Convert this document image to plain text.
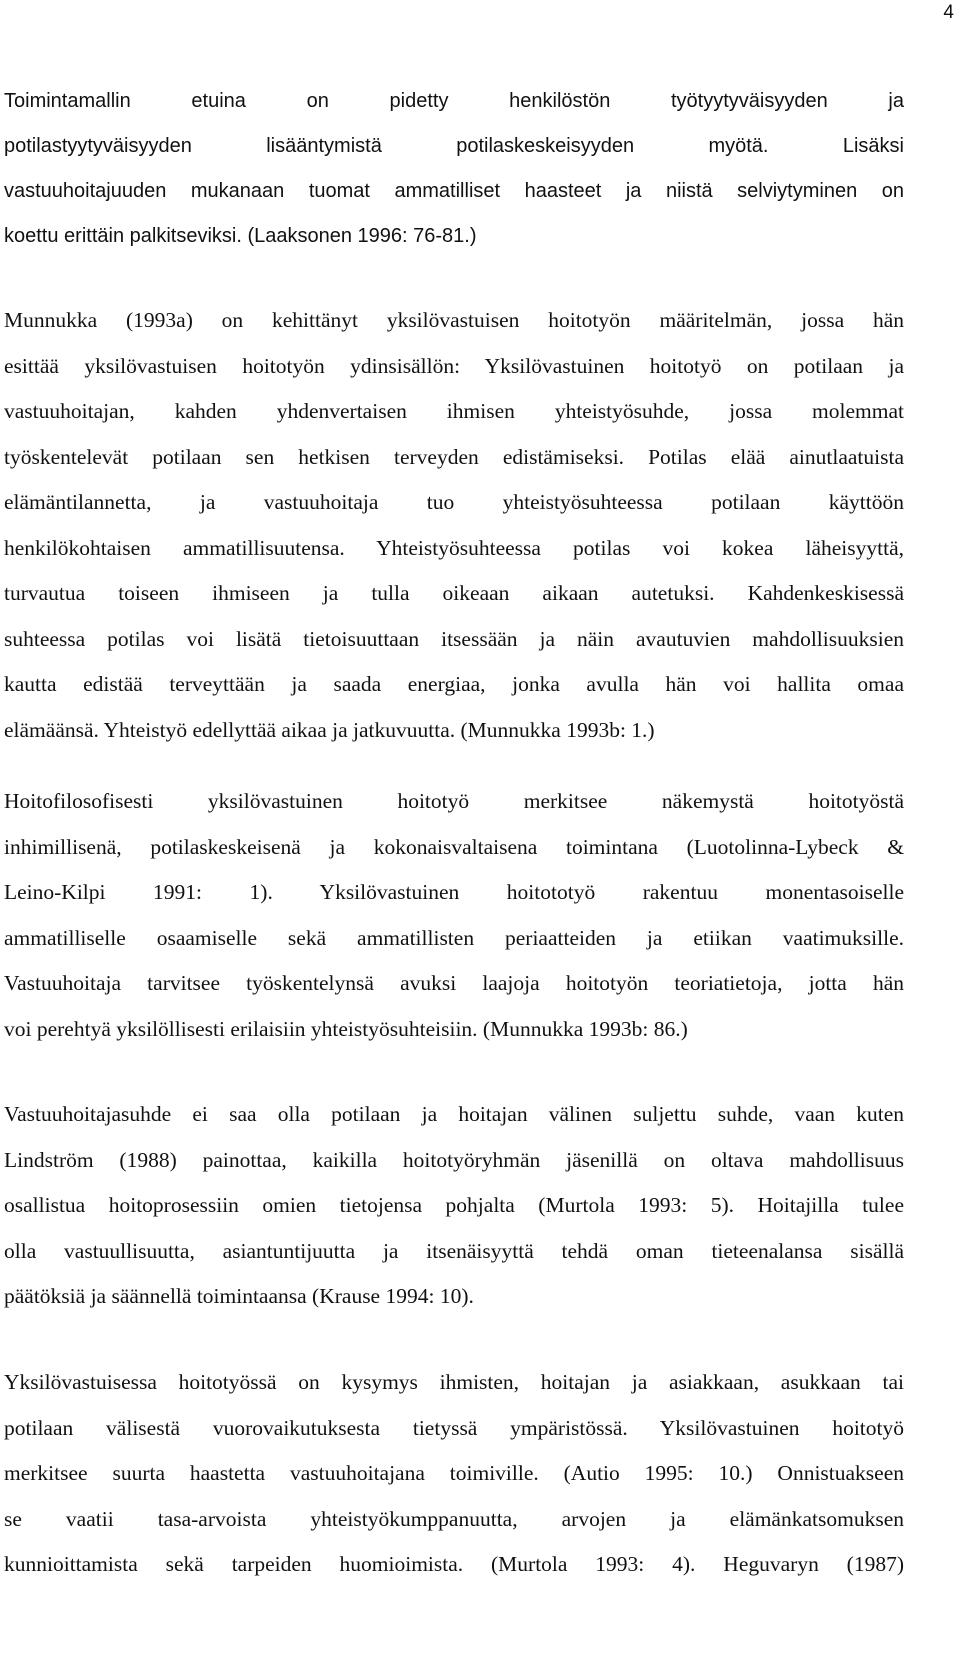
4
Toimintamallin etuina on pidetty henkilöstön työtyytyväisyyden ja
potilastyytyväisyyden lisääntymistä potilaskeskeisyyden myötä. Lisäksi
vastuuhoitajuuden mukanaan tuomat ammatilliset haasteet ja niistä selviytyminen on
koettu erittäin palkitseviksi. (Laaksonen 1996: 76-81.)
Munnukka (1993a) on kehittänyt yksilövastuisen hoitotyön määritelmän, jossa hän
esittää yksilövastuisen hoitotyön ydinsisällön: Yksilövastuinen hoitotyö on potilaan ja
vastuuhoitajan, kahden yhdenvertaisen ihmisen yhteistyösuhde, jossa molemmat
työskentelevät potilaan sen hetkisen terveyden edistämiseksi. Potilas elää ainutlaatuista
elämäntilannetta, ja vastuuhoitaja tuo yhteistyösuhteessa potilaan käyttöön
henkilökohtaisen ammatillisuutensa. Yhteistyösuhteessa potilas voi kokea läheisyyttä,
turvautua toiseen ihmiseen ja tulla oikeaan aikaan autetuksi. Kahdenkeskisessä
suhteessa potilas voi lisätä tietoisuuttaan itsessään ja näin avautuvien mahdollisuuksien
kautta edistää terveyttään ja saada energiaa, jonka avulla hän voi hallita omaa
elämäänsä. Yhteistyö edellyttää aikaa ja jatkuvuutta. (Munnukka 1993b: 1.)
Hoitofilosofisesti yksilövastuinen hoitotyö merkitsee näkemystä hoitotyöstä
inhimillisenä, potilaskeskeisenä ja kokonaisvaltaisena toimintana (Luotolinna-Lybeck &
Leino-Kilpi 1991: 1). Yksilövastuinen hoitototyö rakentuu monentasoiselle
ammatilliselle osaamiselle sekä ammatillisten periaatteiden ja etiikan vaatimuksille.
Vastuuhoitaja tarvitsee työskentelynsä avuksi laajoja hoitotyön teoriatietoja, jotta hän
voi perehtyä yksilöllisesti erilaisiin yhteistyösuhteisiin. (Munnukka 1993b: 86.)
Vastuuhoitajasuhde ei saa olla potilaan ja hoitajan välinen suljettu suhde, vaan kuten
Lindström (1988) painottaa, kaikilla hoitotyöryhmän jäsenillä on oltava mahdollisuus
osallistua hoitoprosessiin omien tietojensa pohjalta (Murtola 1993: 5). Hoitajilla tulee
olla vastuullisuutta, asiantuntijuutta ja itsenäisyyttä tehdä oman tieteenalansa sisällä
päätöksiä ja säännellä toimintaansa (Krause 1994: 10).
Yksilövastuisessa hoitotyössä on kysymys ihmisten, hoitajan ja asiakkaan, asukkaan tai
potilaan välisestä vuorovaikutuksesta tietyssä ympäristössä. Yksilövastuinen hoitotyö
merkitsee suurta haastetta vastuuhoitajana toimiville. (Autio 1995: 10.) Onnistuakseen
se vaatii tasa-arvoista yhteistyökumppanuutta, arvojen ja elämänkatsomuksen
kunnioittamista sekä tarpeiden huomioimista. (Murtola 1993: 4). Heguvaryn (1987)
